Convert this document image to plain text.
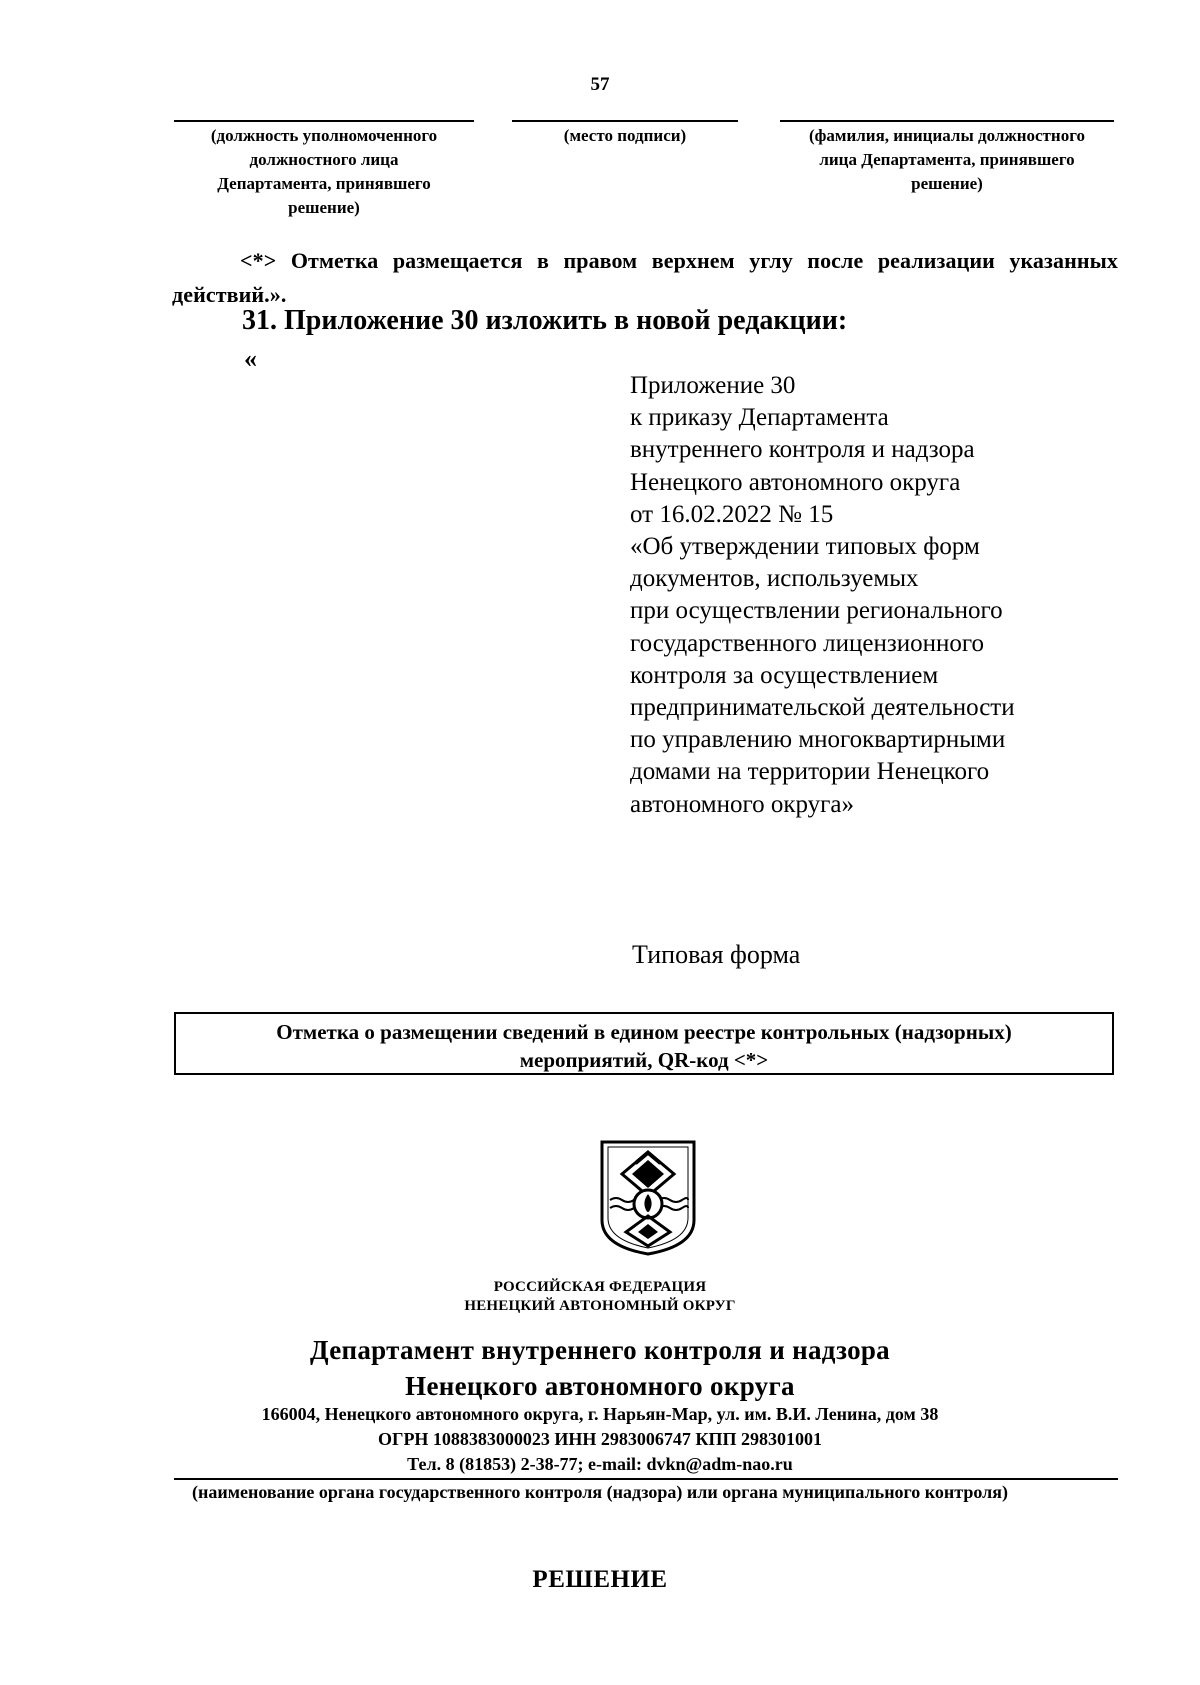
57
(должность уполномоченного
должностного лица
Департамента, принявшего
решение)
(место подписи)	(фамилия, инициалы должностного
лица Департамента, принявшего
решение)
<*> Отметка размещается в правом верхнем углу после реализации указанных действий.».
31. Приложение 30 изложить в новой редакции:
«
Приложение 30
к приказу Департамента
внутреннего контроля и надзора
Ненецкого автономного округа
от 16.02.2022 № 15
«Об утверждении типовых форм
документов, используемых
при осуществлении регионального
государственного лицензионного
контроля за осуществлением
предпринимательской деятельности
по управлению многоквартирными
домами на территории Ненецкого
автономного округа»
Типовая форма
Отметка о размещении сведений в едином реестре контрольных (надзорных)
мероприятий, QR-код <*>
РОССИЙСКАЯ ФЕДЕРАЦИЯ
НЕНЕЦКИЙ АВТОНОМНЫЙ ОКРУГ
Департамент внутреннего контроля и надзора
Ненецкого автономного округа
166004, Ненецкого автономного округа, г. Нарьян-Мар, ул. им. В.И. Ленина, дом 38
ОГРН 1088383000023 ИНН 2983006747 КПП 298301001
Тел. 8 (81853) 2-38-77; e-mail: dvkn@adm-nao.ru
(наименование органа государственного контроля (надзора) или органа муниципального контроля)
РЕШЕНИЕ
